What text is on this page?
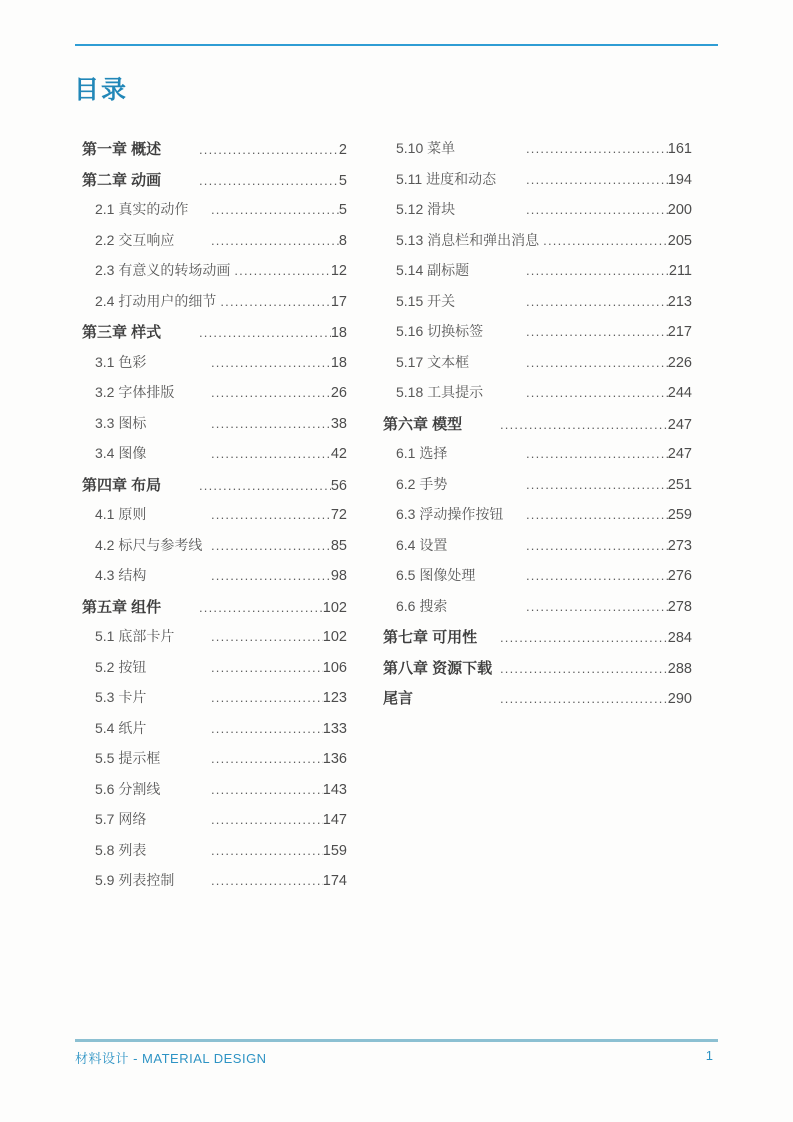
目录
第一章 概述 .....	2
第二章 动画 .....	5
2.1 真实的动作 .....	5
2.2 交互响应 .....	8
2.3 有意义的转场动画 .....	12
2.4 打动用户的细节 .....	17
第三章 样式 .....	18
3.1 色彩 .....	18
3.2 字体排版 .....	26
3.3 图标 .....	38
3.4 图像 .....	42
第四章 布局 .....	56
4.1 原则 .....	72
4.2 标尺与参考线 .....	85
4.3 结构 .....	98
第五章 组件 .....	102
5.1 底部卡片 .....	102
5.2 按钮 .....	106
5.3 卡片 .....	123
5.4 纸片 .....	133
5.5 提示框 .....	136
5.6 分割线 .....	143
5.7 网络 .....	147
5.8 列表 .....	159
5.9 列表控制 .....	174
5.10 菜单 .....	161
5.11 进度和动态 .....	194
5.12 滑块 .....	200
5.13 消息栏和弹出消息 .....	205
5.14 副标题 .....	211
5.15 开关 .....	213
5.16 切换标签 .....	217
5.17 文本框 .....	226
5.18 工具提示 .....	244
第六章 模型 .....	247
6.1 选择 .....	247
6.2 手势 .....	251
6.3 浮动操作按钮 .....	259
6.4 设置 .....	273
6.5 图像处理 .....	276
6.6 搜索 .....	278
第七章 可用性 .....	284
第八章 资源下载 .....	288
尾言 .....	290
材料设计 - MATERIAL DESIGN	1
